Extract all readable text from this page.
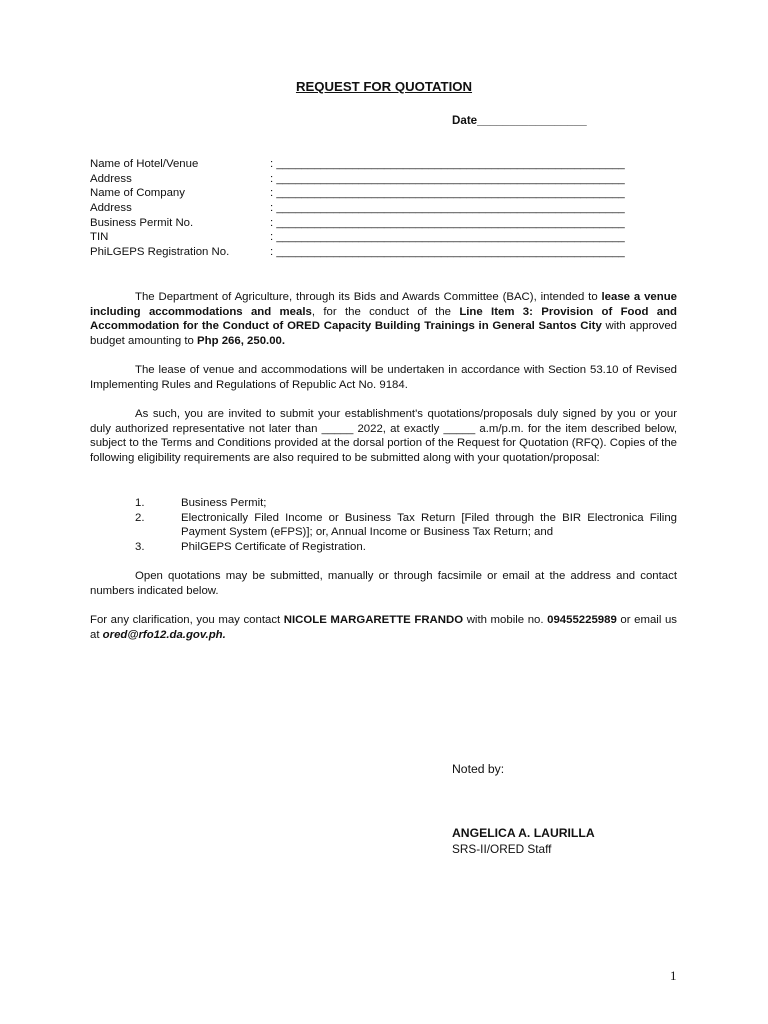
REQUEST FOR QUOTATION
Date_________________
Name of Hotel/Venue	: _______________________________________________________
Address	: _______________________________________________________
Name of Company	: _______________________________________________________
Address	: _______________________________________________________
Business Permit No.	: _______________________________________________________
TIN	: _______________________________________________________
PhiLGEPS Registration No.	: _______________________________________________________
The Department of Agriculture, through its Bids and Awards Committee (BAC), intended to lease a venue including accommodations and meals, for the conduct of the Line Item 3: Provision of Food and Accommodation for the Conduct of ORED Capacity Building Trainings in General Santos City with approved budget amounting to Php 266, 250.00.
The lease of venue and accommodations will be undertaken in accordance with Section 53.10 of Revised Implementing Rules and Regulations of Republic Act No. 9184.
As such, you are invited to submit your establishment's quotations/proposals duly signed by you or your duly authorized representative not later than _____ 2022, at exactly _____ a.m/p.m. for the item described below, subject to the Terms and Conditions provided at the dorsal portion of the Request for Quotation (RFQ). Copies of the following eligibility requirements are also required to be submitted along with your quotation/proposal:
1.	Business Permit;
2.	Electronically Filed Income or Business Tax Return [Filed through the BIR Electronica Filing Payment System (eFPS)]; or, Annual Income or Business Tax Return; and
3.	PhilGEPS Certificate of Registration.
Open quotations may be submitted, manually or through facsimile or email at the address and contact numbers indicated below.
For any clarification, you may contact NICOLE MARGARETTE FRANDO with mobile no. 09455225989 or email us at ored@rfo12.da.gov.ph.
Noted by:
ANGELICA A. LAURILLA
SRS-II/ORED Staff
1
